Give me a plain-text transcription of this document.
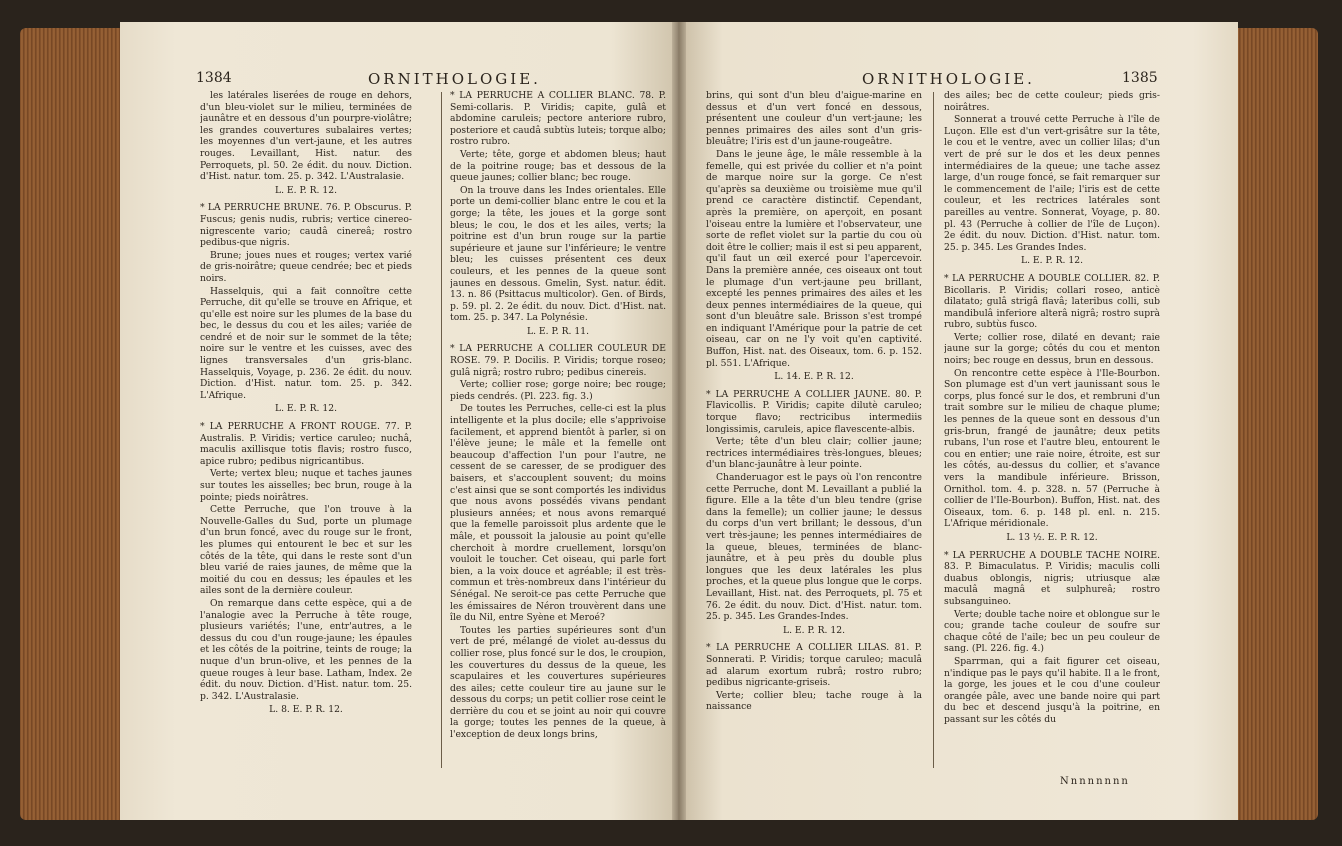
1384	ORNITHOLOGIE.	ORNITHOLOGIE.	1385

les latérales liserées de rouge en dehors, d'un bleu-violet sur le milieu, terminées de jaunâtre et en dessous d'un pourpre-violâtre; les grandes couvertures subalaires vertes; les moyennes d'un vert-jaune, et les autres rouges. Levaillant, Hist. natur. des Perroquets, pl. 50. 2e édit. du nouv. Diction. d'Hist. natur. tom. 25. p. 342. L'Australasie.

L. E. P. R. 12.

* LA PERRUCHE BRUNE. 76. P. Obscurus. P. Fuscus; genis nudis, rubris; vertice cinereo-nigrescente vario; caudâ cinereâ; rostro pedibus-que nigris.

Brune; joues nues et rouges; vertex varié de gris-noirâtre; queue cendrée; bec et pieds noirs.

Hasselquis, qui a fait connoître cette Perruche, dit qu'elle se trouve en Afrique, et qu'elle est noire sur les plumes de la base du bec, le dessus du cou et les ailes; variée de cendré et de noir sur le sommet de la tête; noire sur le ventre et les cuisses, avec des lignes transversales d'un gris-blanc. Hasselquis, Voyage, p. 236. 2e édit. du nouv. Diction. d'Hist. natur. tom. 25. p. 342. L'Afrique.

L. E. P. R. 12.

* LA PERRUCHE A FRONT ROUGE. 77. P. Australis. P. Viridis; vertice caruleo; nuchâ, maculis axillisque totis flavis; rostro fusco, apice rubro; pedibus nigricantibus.

Verte; vertex bleu; nuque et taches jaunes sur toutes les aisselles; bec brun, rouge à la pointe; pieds noirâtres.

Cette Perruche, que l'on trouve à la Nouvelle-Galles du Sud, porte un plumage d'un brun foncé, avec du rouge sur le front, les plumes qui entourent le bec et sur les côtés de la tête, qui dans le reste sont d'un bleu varié de raies jaunes, de même que la moitié du cou en dessus; les épaules et les ailes sont de la dernière couleur.

On remarque dans cette espèce, qui a de l'analogie avec la Perruche à tête rouge, plusieurs variétés; l'une, entr'autres, a le dessus du cou d'un rouge-jaune; les épaules et les côtés de la poitrine, teints de rouge; la nuque d'un brun-olive, et les pennes de la queue rouges à leur base. Latham, Index. 2e édit. du nouv. Diction. d'Hist. natur. tom. 25. p. 342. L'Australasie.

L. 8. E. P. R. 12.

* LA PERRUCHE A COLLIER BLANC. 78. P. Semi-collaris. P. Viridis; capite, gulâ et abdomine caruleis; pectore anteriore rubro, posteriore et caudâ subtùs luteis; torque albo; rostro rubro.

Verte; tête, gorge et abdomen bleus; haut de la poitrine rouge; bas et dessous de la queue jaunes; collier blanc; bec rouge.

On la trouve dans les Indes orientales. Elle porte un demi-collier blanc entre le cou et la gorge; la tête, les joues et la gorge sont bleus; le cou, le dos et les ailes, verts; la poitrine est d'un brun rouge sur la partie supérieure et jaune sur l'inférieure; le ventre bleu; les cuisses présentent ces deux couleurs, et les pennes de la queue sont jaunes en dessous. Gmelin, Syst. natur. édit. 13. n. 86 (Psittacus multicolor). Gen. of Birds, p. 59. pl. 2. 2e édit. du nouv. Dict. d'Hist. nat. tom. 25. p. 347. La Polynésie.

L. E. P. R. 11.

* LA PERRUCHE A COLLIER COULEUR DE ROSE. 79. P. Docilis. P. Viridis; torque roseo; gulâ nigrâ; rostro rubro; pedibus cinereis.

Verte; collier rose; gorge noire; bec rouge; pieds cendrés. (Pl. 223. fig. 3.)

De toutes les Perruches, celle-ci est la plus intelligente et la plus docile; elle s'apprivoise facilement, et apprend bientôt à parler, si on l'élève jeune; le mâle et la femelle ont beaucoup d'affection l'un pour l'autre, ne cessent de se caresser, de se prodiguer des baisers, et s'accouplent souvent; du moins c'est ainsi que se sont comportés les individus que nous avons possédés vivans pendant plusieurs années; et nous avons remarqué que la femelle paroissoit plus ardente que le mâle, et poussoit la jalousie au point qu'elle cherchoit à mordre cruellement, lorsqu'on vouloit le toucher. Cet oiseau, qui parle fort bien, a la voix douce et agréable; il est très-commun et très-nombreux dans l'intérieur du Sénégal. Ne seroit-ce pas cette Perruche que les émissaires de Néron trouvèrent dans une île du Nil, entre Syène et Meroé?

Toutes les parties supérieures sont d'un vert de pré, mélangé de violet au-dessus du collier rose, plus foncé sur le dos, le croupion, les couvertures du dessus de la queue, les scapulaires et les couvertures supérieures des ailes; cette couleur tire au jaune sur le dessous du corps; un petit collier rose ceint le derrière du cou et se joint au noir qui couvre la gorge; toutes les pennes de la queue, à l'exception de deux longs brins,

brins, qui sont d'un bleu d'aigue-marine en dessus et d'un vert foncé en dessous, présentent une couleur d'un vert-jaune; les pennes primaires des ailes sont d'un gris-bleuâtre; l'iris est d'un jaune-rougeâtre.

Dans le jeune âge, le mâle ressemble à la femelle, qui est privée du collier et n'a point de marque noire sur la gorge. Ce n'est qu'après sa deuxième ou troisième mue qu'il prend ce caractère distinctif. Cependant, après la première, on aperçoit, en posant l'oiseau entre la lumière et l'observateur, une sorte de reflet violet sur la partie du cou où doit être le collier; mais il est si peu apparent, qu'il faut un œil exercé pour l'apercevoir. Dans la première année, ces oiseaux ont tout le plumage d'un vert-jaune peu brillant, excepté les pennes primaires des ailes et les deux pennes intermédiaires de la queue, qui sont d'un bleuâtre sale. Brisson s'est trompé en indiquant l'Amérique pour la patrie de cet oiseau, car on ne l'y voit qu'en captivité. Buffon, Hist. nat. des Oiseaux, tom. 6. p. 152. pl. 551. L'Afrique.

L. 14. E. P. R. 12.

* LA PERRUCHE A COLLIER JAUNE. 80. P. Flavicollis. P. Viridis; capite dilutè caruleo; torque flavo; rectricibus intermediis longissimis, caruleis, apice flavescente-albis.

Verte; tête d'un bleu clair; collier jaune; rectrices intermédiaires très-longues, bleues; d'un blanc-jaunâtre à leur pointe.

Chanderuagor est le pays où l'on rencontre cette Perruche, dont M. Levaillant a publié la figure. Elle a la tête d'un bleu tendre (grise dans la femelle); un collier jaune; le dessus du corps d'un vert brillant; le dessous, d'un vert très-jaune; les pennes intermédiaires de la queue, bleues, terminées de blanc-jaunâtre, et à peu près du double plus longues que les deux latérales les plus proches, et la queue plus longue que le corps. Levaillant, Hist. nat. des Perroquets, pl. 75 et 76. 2e édit. du nouv. Dict. d'Hist. natur. tom. 25. p. 345. Les Grandes-Indes.

L. E. P. R. 12.

* LA PERRUCHE A COLLIER LILAS. 81. P. Sonnerati. P. Viridis; torque caruleo; maculâ ad alarum exortum rubrâ; rostro rubro; pedibus nigricante-griseis.

Verte; collier bleu; tache rouge à la naissance

des ailes; bec de cette couleur; pieds gris-noirâtres.

Sonnerat a trouvé cette Perruche à l'île de Luçon. Elle est d'un vert-grisâtre sur la tête, le cou et le ventre, avec un collier lilas; d'un vert de pré sur le dos et les deux pennes intermédiaires de la queue; une tache assez large, d'un rouge foncé, se fait remarquer sur le commencement de l'aile; l'iris est de cette couleur, et les rectrices latérales sont pareilles au ventre. Sonnerat, Voyage, p. 80. pl. 43 (Perruche à collier de l'île de Luçon). 2e édit. du nouv. Diction. d'Hist. natur. tom. 25. p. 345. Les Grandes Indes.

L. E. P. R. 12.

* LA PERRUCHE A DOUBLE COLLIER. 82. P. Bicollaris. P. Viridis; collari roseo, anticè dilatato; gulâ strigâ flavâ; lateribus colli, sub mandibulâ inferiore alterâ nigrâ; rostro suprà rubro, subtùs fusco.

Verte; collier rose, dilaté en devant; raie jaune sur la gorge; côtés du cou et menton noirs; bec rouge en dessus, brun en dessous.

On rencontre cette espèce à l'Ile-Bourbon. Son plumage est d'un vert jaunissant sous le corps, plus foncé sur le dos, et rembruni d'un trait sombre sur le milieu de chaque plume; les pennes de la queue sont en dessous d'un gris-brun, frangé de jaunâtre; deux petits rubans, l'un rose et l'autre bleu, entourent le cou en entier; une raie noire, étroite, est sur les côtés, au-dessus du collier, et s'avance vers la mandibule inférieure. Brisson, Ornithol. tom. 4. p. 328. n. 57 (Perruche à collier de l'Ile-Bourbon). Buffon, Hist. nat. des Oiseaux, tom. 6. p. 148 pl. enl. n. 215. L'Afrique méridionale.

L. 13 ½. E. P. R. 12.

* LA PERRUCHE A DOUBLE TACHE NOIRE. 83. P. Bimaculatus. P. Viridis; maculis colli duabus oblongis, nigris; utriusque alæ maculâ magnâ et sulphureâ; rostro subsanguineo.

Verte; double tache noire et oblongue sur le cou; grande tache couleur de soufre sur chaque côté de l'aile; bec un peu couleur de sang. (Pl. 226. fig. 4.)

Sparrman, qui a fait figurer cet oiseau, n'indique pas le pays qu'il habite. Il a le front, la gorge, les joues et le cou d'une couleur orangée pâle, avec une bande noire qui part du bec et descend jusqu'à la poitrine, en passant sur les côtés du

Nnnnnnnn
